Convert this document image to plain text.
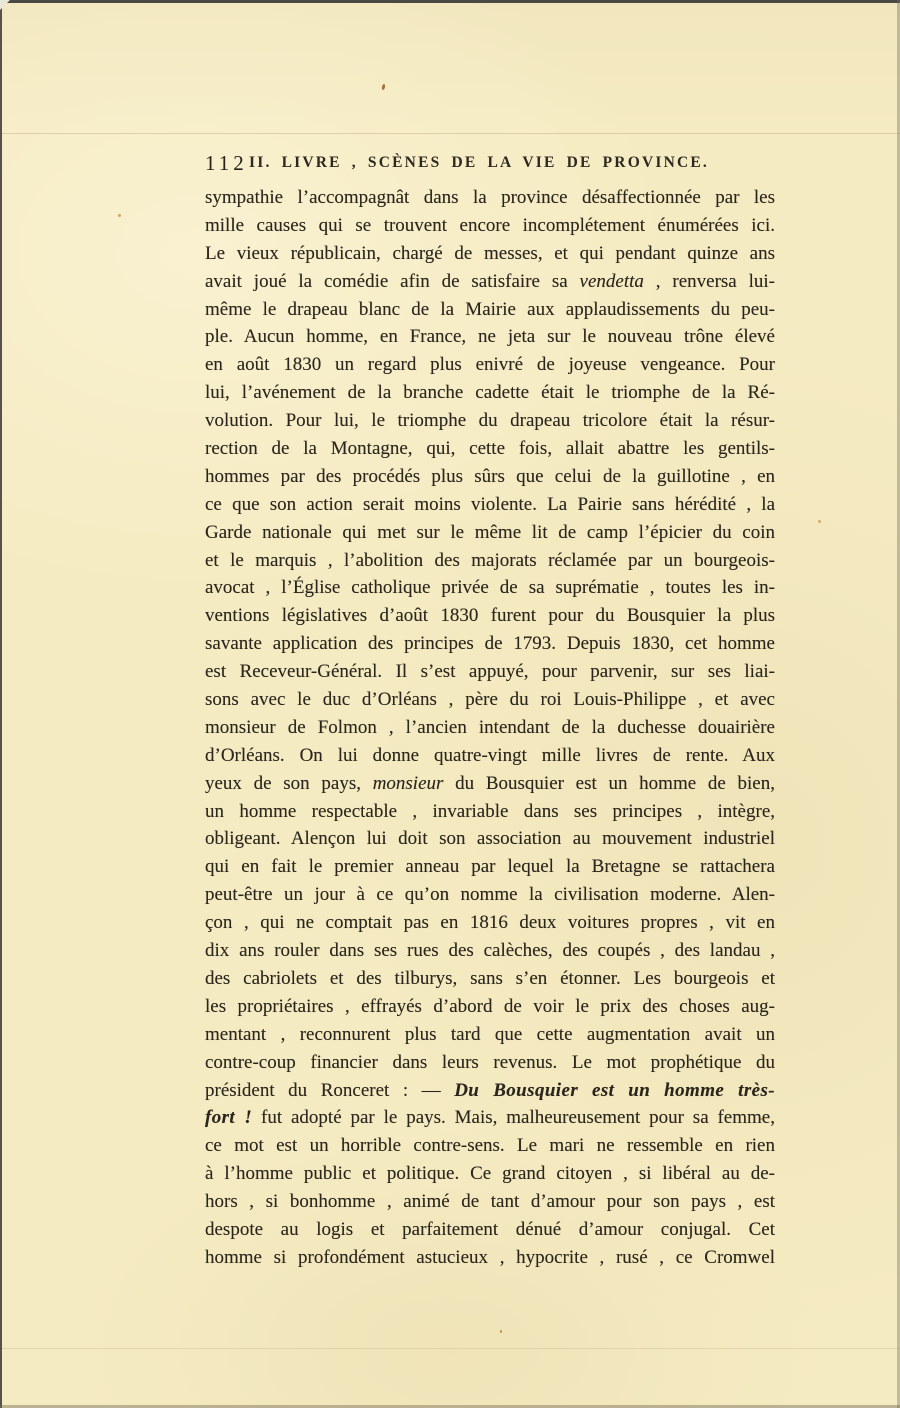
112 II. LIVRE , SCÈNES DE LA VIE DE PROVINCE.
sympathie l’accompagnât dans la province désaffectionnée par les
mille causes qui se trouvent encore incomplétement énumérées ici.
Le vieux républicain, chargé de messes, et qui pendant quinze ans
avait joué la comédie afin de satisfaire sa vendetta , renversa lui-
même le drapeau blanc de la Mairie aux applaudissements du peu-
ple. Aucun homme, en France, ne jeta sur le nouveau trône élevé
en août 1830 un regard plus enivré de joyeuse vengeance. Pour
lui, l’avénement de la branche cadette était le triomphe de la Ré-
volution. Pour lui, le triomphe du drapeau tricolore était la résur-
rection de la Montagne, qui, cette fois, allait abattre les gentils-
hommes par des procédés plus sûrs que celui de la guillotine , en
ce que son action serait moins violente. La Pairie sans hérédité , la
Garde nationale qui met sur le même lit de camp l’épicier du coin
et le marquis , l’abolition des majorats réclamée par un bourgeois-
avocat , l’Église catholique privée de sa suprématie , toutes les in-
ventions législatives d’août 1830 furent pour du Bousquier la plus
savante application des principes de 1793. Depuis 1830, cet homme
est Receveur-Général. Il s’est appuyé, pour parvenir, sur ses liai-
sons avec le duc d’Orléans , père du roi Louis-Philippe , et avec
monsieur de Folmon , l’ancien intendant de la duchesse douairière
d’Orléans. On lui donne quatre-vingt mille livres de rente. Aux
yeux de son pays, monsieur du Bousquier est un homme de bien,
un homme respectable , invariable dans ses principes , intègre,
obligeant. Alençon lui doit son association au mouvement industriel
qui en fait le premier anneau par lequel la Bretagne se rattachera
peut-être un jour à ce qu’on nomme la civilisation moderne. Alen-
çon , qui ne comptait pas en 1816 deux voitures propres , vit en
dix ans rouler dans ses rues des calèches, des coupés , des landau ,
des cabriolets et des tilburys, sans s’en étonner. Les bourgeois et
les propriétaires , effrayés d’abord de voir le prix des choses aug-
mentant , reconnurent plus tard que cette augmentation avait un
contre-coup financier dans leurs revenus. Le mot prophétique du
président du Ronceret : — Du Bousquier est un homme très-
fort ! fut adopté par le pays. Mais, malheureusement pour sa femme,
ce mot est un horrible contre-sens. Le mari ne ressemble en rien
à l’homme public et politique. Ce grand citoyen , si libéral au de-
hors , si bonhomme , animé de tant d’amour pour son pays , est
despote au logis et parfaitement dénué d’amour conjugal. Cet
homme si profondément astucieux , hypocrite , rusé , ce Cromwel
